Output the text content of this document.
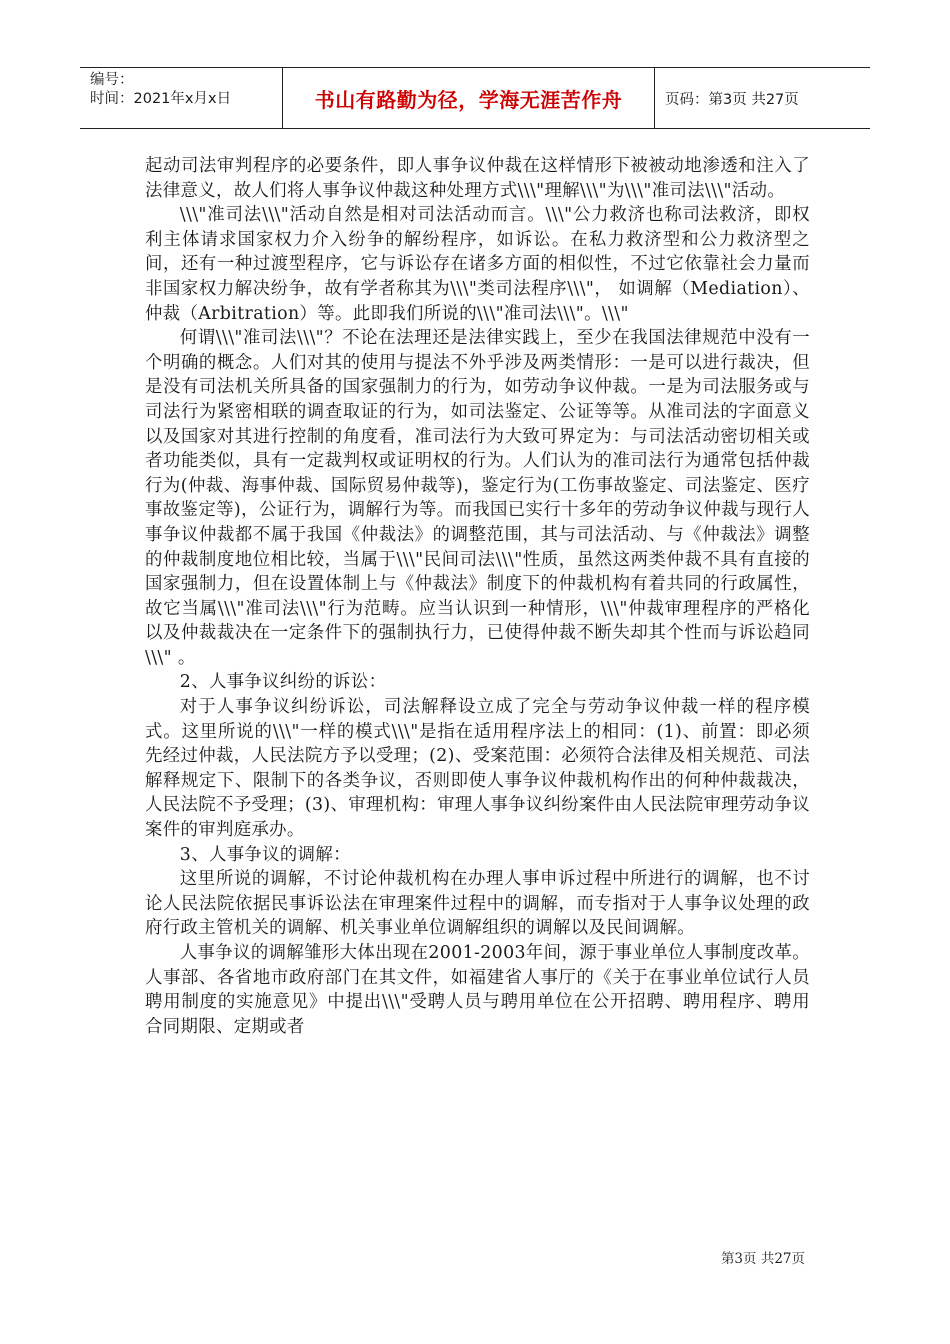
编号：
时间：2021年x月x日	书山有路勤为径，学海无涯苦作舟	页码：第3页 共27页

起动司法审判程序的必要条件，即人事争议仲裁在这样情形下被被动地渗透和注入了法律意义，故人们将人事争议仲裁这种处理方式\\\"理解\\\"为\\\"准司法\\\"活动。

\\\"准司法\\\"活动自然是相对司法活动而言。\\\"公力救济也称司法救济，即权利主体请求国家权力介入纷争的解纷程序，如诉讼。在私力救济型和公力救济型之间，还有一种过渡型程序，它与诉讼存在诸多方面的相似性，不过它依靠社会力量而非国家权力解决纷争，故有学者称其为\\\"类司法程序\\\"， 如调解（Mediation）、仲裁（Arbitration）等。此即我们所说的\\\"准司法\\\"。\\\"

何谓\\\"准司法\\\"？不论在法理还是法律实践上，至少在我国法律规范中没有一个明确的概念。人们对其的使用与提法不外乎涉及两类情形：一是可以进行裁决，但是没有司法机关所具备的国家强制力的行为，如劳动争议仲裁。一是为司法服务或与司法行为紧密相联的调查取证的行为，如司法鉴定、公证等等。从准司法的字面意义以及国家对其进行控制的角度看，准司法行为大致可界定为：与司法活动密切相关或者功能类似，具有一定裁判权或证明权的行为。人们认为的准司法行为通常包括仲裁行为(仲裁、海事仲裁、国际贸易仲裁等)，鉴定行为(工伤事故鉴定、司法鉴定、医疗事故鉴定等)，公证行为，调解行为等。而我国已实行十多年的劳动争议仲裁与现行人事争议仲裁都不属于我国《仲裁法》的调整范围，其与司法活动、与《仲裁法》调整的仲裁制度地位相比较，当属于\\\"民间司法\\\"性质，虽然这两类仲裁不具有直接的国家强制力，但在设置体制上与《仲裁法》制度下的仲裁机构有着共同的行政属性，故它当属\\\"准司法\\\"行为范畴。应当认识到一种情形，\\\"仲裁审理程序的严格化以及仲裁裁决在一定条件下的强制执行力，已使得仲裁不断失却其个性而与诉讼趋同\\\" 。

2、人事争议纠纷的诉讼：

对于人事争议纠纷诉讼，司法解释设立成了完全与劳动争议仲裁一样的程序模式。这里所说的\\\"一样的模式\\\"是指在适用程序法上的相同：(1)、前置：即必须先经过仲裁，人民法院方予以受理；(2)、受案范围：必须符合法律及相关规范、司法解释规定下、限制下的各类争议，否则即使人事争议仲裁机构作出的何种仲裁裁决，人民法院不予受理；(3)、审理机构：审理人事争议纠纷案件由人民法院审理劳动争议案件的审判庭承办。

3、人事争议的调解：

这里所说的调解，不讨论仲裁机构在办理人事申诉过程中所进行的调解，也不讨论人民法院依据民事诉讼法在审理案件过程中的调解，而专指对于人事争议处理的政府行政主管机关的调解、机关事业单位调解组织的调解以及民间调解。

人事争议的调解雏形大体出现在2001-2003年间，源于事业单位人事制度改革。人事部、各省地市政府部门在其文件，如福建省人事厅的《关于在事业单位试行人员聘用制度的实施意见》中提出\\\"受聘人员与聘用单位在公开招聘、聘用程序、聘用合同期限、定期或者

第3页 共27页
